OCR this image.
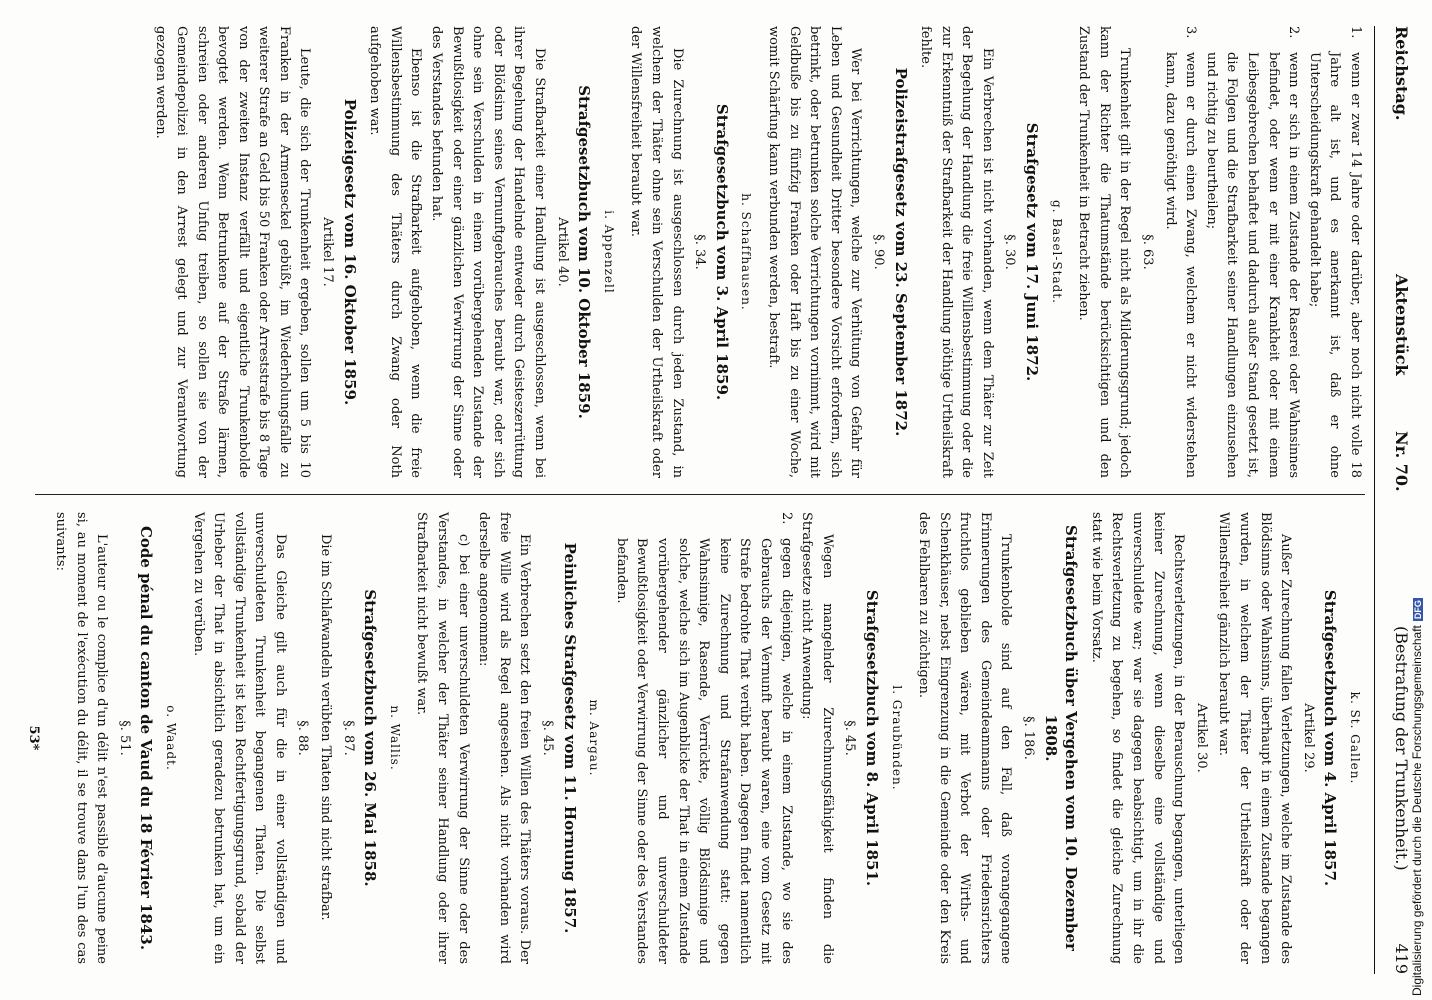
Reichstag.
Aktenstück
Nr. 70.
(Bestrafung der Trunkenheit.)
419
1.
wenn er zwar 14 Jahre oder darüber, aber noch nicht volle 18 Jahre alt ist, und es anerkannt ist, daß er ohne Unterscheidungskraft gehandelt habe;
2.
wenn er sich in einem Zustande der Raserei oder Wahnsinnes befindet, oder wenn er mit einer Krankheit oder mit einem Leibesgebrechen behaftet und dadurch außer Stand gesetzt ist, die Folgen und die Strafbarkeit seiner Handlungen einzusehen und richtig zu beurtheilen;
3.
wenn er durch einen Zwang, welchem er nicht widerstehen kann, dazu genöthigt wird.
§. 63.

Trunkenheit gilt in der Regel nicht als Milderungsgrund; jedoch kann der Richter die Thatumstände berücksichtigen und den Zustand der Trunkenheit in Betracht ziehen.

g. Basel-Stadt.
Strafgesetz vom 17. Juni 1872.
§. 30.

Ein Verbrechen ist nicht vorhanden, wenn dem Thäter zur Zeit der Begehung der Handlung die freie Willensbestimmung oder die zur Erkenntniß der Strafbarkeit der Handlung nöthige Urtheilskraft fehlte.

Polizeistrafgesetz vom 23. September 1872.
§. 90.

Wer bei Verrichtungen, welche zur Verhütung von Gefahr für Leben und Gesundheit Dritter besondere Vorsicht erfordern, sich betrinkt, oder betrunken solche Verrichtungen vornimmt, wird mit Geldbuße bis zu fünfzig Franken oder Haft bis zu einer Woche, womit Schärfung kann verbunden werden, bestraft.

h. Schaffhausen.
Strafgesetzbuch vom 3. April 1859.
§. 34.

Die Zurechnung ist ausgeschlossen durch jeden Zustand, in welchem der Thäter ohne sein Verschulden der Urtheilskraft oder der Willensfreiheit beraubt war.

i. Appenzell
Strafgesetzbuch vom 10. Oktober 1859.
Artikel 40.

Die Strafbarkeit einer Handlung ist ausgeschlossen, wenn bei ihrer Begehung der Handelnde entweder durch Geisteszerrüttung oder Blödsinn seines Vernunftgebrauches beraubt war, oder sich ohne sein Verschulden in einem vorübergehenden Zustande der Bewußtlosigkeit oder einer gänzlichen Verwirrung der Sinne oder des Verstandes befunden hat.

Ebenso ist die Strafbarkeit aufgehoben, wenn die freie Willensbestimmung des Thäters durch Zwang oder Noth aufgehoben war.

Polizeigesetz vom 16. Oktober 1859.
Artikel 17.

Leute, die sich der Trunkenheit ergeben, sollen um 5 bis 10 Franken in der Armenseckel gebüßt, im Wiederholungsfalle zu weiterer Strafe an Geld bis 50 Franken oder Arreststrafe bis 8 Tage von der zweiten Instanz verfällt und eigentliche Trunkenbolde bevogtet werden. Wenn Betrunkene auf der Straße lärmen, schreien oder anderen Unfug treiben, so sollen sie von der Gemeindepolizei in den Arrest gelegt und zur Verantwortung gezogen werden.

k. St. Gallen.
Strafgesetzbuch vom 4. April 1857.
Artikel 29.

Außer Zurechnung fallen Verletzungen, welche im Zustande des Blödsinns oder Wahnsinns, überhaupt in einem Zustande begangen wurden, in welchem der Thäter der Urtheilskraft oder der Willensfreiheit gänzlich beraubt war.

Artikel 30.

Rechtsverletzungen, in der Berauschung begangen, unterliegen keiner Zurechnung, wenn dieselbe eine vollständige und unverschuldete war; war sie dagegen beabsichtigt, um in ihr die Rechtsverletzung zu begehen, so findet die gleiche Zurechnung statt wie beim Vorsatz.

Strafgesetzbuch über Vergehen vom 10. Dezember 1808.
§. 186.

Trunkenbolde sind auf den Fall, daß vorangegangene Erinnerungen des Gemeindeammanns oder Friedensrichters fruchtlos geblieben wären, mit Verbot der Wirths- und Schenkhäuser, nebst Eingrenzung in die Gemeinde oder den Kreis des Fehlbaren zu züchtigen.

l. Graubünden.
Strafgesetzbuch vom 8. April 1851.
§. 45.

Wegen mangelnder Zurechnungsfähigkeit finden die Strafgesetze nicht Anwendung:

2.
gegen diejenigen, welche in einem Zustande, wo sie des Gebrauchs der Vernunft beraubt waren, eine vom Gesetz mit Strafe bedrohte That verübt haben. Dagegen findet namentlich keine Zurechnung und Strafanwendung statt: gegen Wahnsinnige, Rasende, Verrückte, völlig Blödsinnige und solche, welche sich im Augenblicke der That in einem Zustande vorübergehender gänzlicher und unverschuldeter Bewußtlosigkeit oder Verwirrung der Sinne oder des Verstandes befanden.
m. Aargau.
Peinliches Strafgesetz vom 11. Hornung 1857.
§. 45.

Ein Verbrechen setzt den freien Willen des Thäters voraus. Der freie Wille wird als Regel angesehen. Als nicht vorhanden wird derselbe angenommen:

c) bei einer unverschuldeten Verwirrung der Sinne oder des Verstandes, in welcher der Thäter seiner Handlung oder ihrer Strafbarkeit nicht bewußt war.

n. Wallis.
Strafgesetzbuch vom 26. Mai 1858.
§. 87.

Die im Schlafwandeln verübten Thaten sind nicht strafbar.

§. 88.

Das Gleiche gilt auch für die in einer vollständigen und unverschuldeten Trunkenheit begangenen Thaten. Die selbst vollständige Trunkenheit ist kein Rechtfertigungsgrund, sobald der Urheber der That in absichtlich geradezu betrunken hat, um ein Vergehen zu verüben.

o. Waadt.
Code pénal du canton de Vaud du 18 Février 1843.
§. 51.

L'auteur ou le complice d'un délit n'est passible d'aucune peine si, au moment de l'exécution du délit, il se trouve dans l'un des cas suivants:

53*	Digitalisierung gefördert durch die Deutsche ForschungsgemeinschaftDFG
